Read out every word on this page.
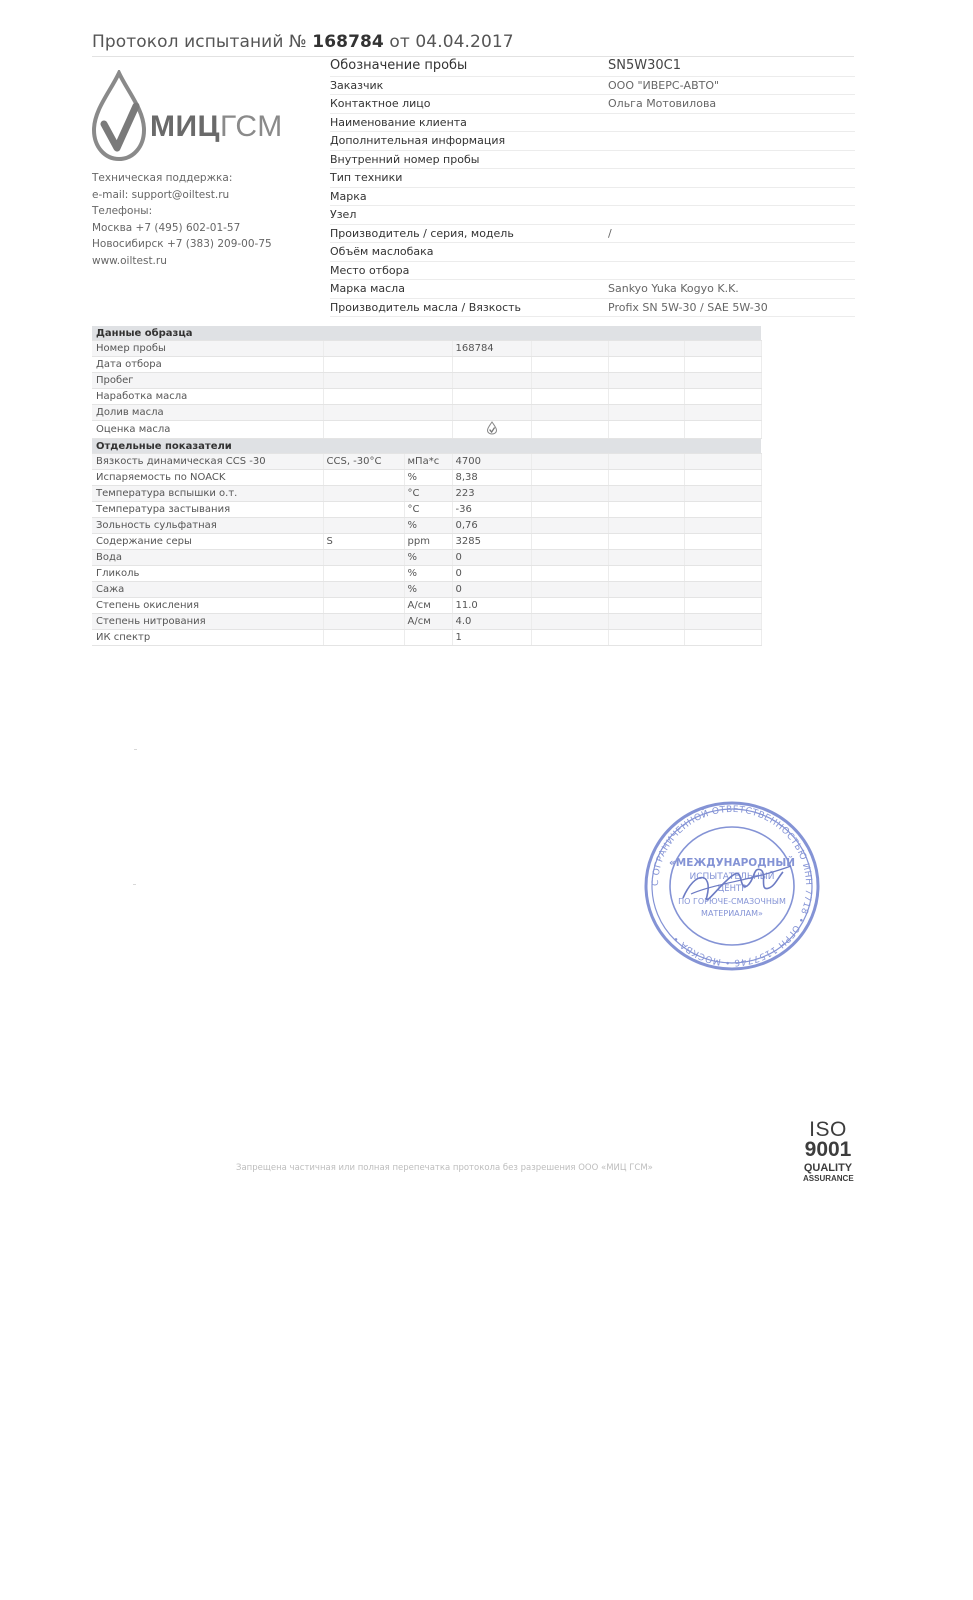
Протокол испытаний № 168784 от 04.04.2017
МИЦГСМ
Техническая поддержка:
e-mail: support@oiltest.ru
Телефоны:
Москва +7 (495) 602-01-57
Новосибирск +7 (383) 209-00-75
www.oiltest.ru
Обозначение пробы	SN5W30C1
Заказчик	ООО "ИВЕРС-АВТО"
Контактное лицо	Ольга Мотовилова
Наименование клиента
Дополнительная информация
Внутренний номер пробы
Тип техники
Марка
Узел
Производитель / серия, модель	/
Объём маслобака
Место отбора
Марка масла	Sankyo Yuka Kogyo K.K.
Производитель масла / Вязкость	Profix SN 5W-30 / SAE 5W-30
Данные образца						
Номер пробы			168784			
Дата отбора						
Пробег						
Наработка масла						
Долив масла						
Оценка масла					
Отдельные показатели						
Вязкость динамическая CCS -30	CCS, -30°C	мПа*с	4700			
Испаряемость по NOACK		%	8,38			
Температура вспышки о.т.		°C	223			
Температура застывания		°C	-36			
Зольность сульфатная		%	0,76			
Содержание серы	S	ppm	3285			
Вода		%	0			
Гликоль		%	0			
Сажа		%	0			
Степень окисления		A/см	11.0			
Степень нитрования		A/см	4.0			
ИК спектр			1			
С ОГРАНИЧЕННОЙ ОТВЕТСТВЕННОСТЬЮ ИНН 7718 • ОГРН 1157746 • МОСКВА •
«МЕЖДУНАРОДНЫЙ
ИСПЫТАТЕЛЬНЫЙ
ЦЕНТР
ПО ГОРЮЧЕ-СМАЗОЧНЫМ
МАТЕРИАЛАМ»
Запрещена частичная или полная перепечатка протокола без разрешения ООО «МИЦ ГСМ»
ISO
9001
QUALITY
ASSURANCE
